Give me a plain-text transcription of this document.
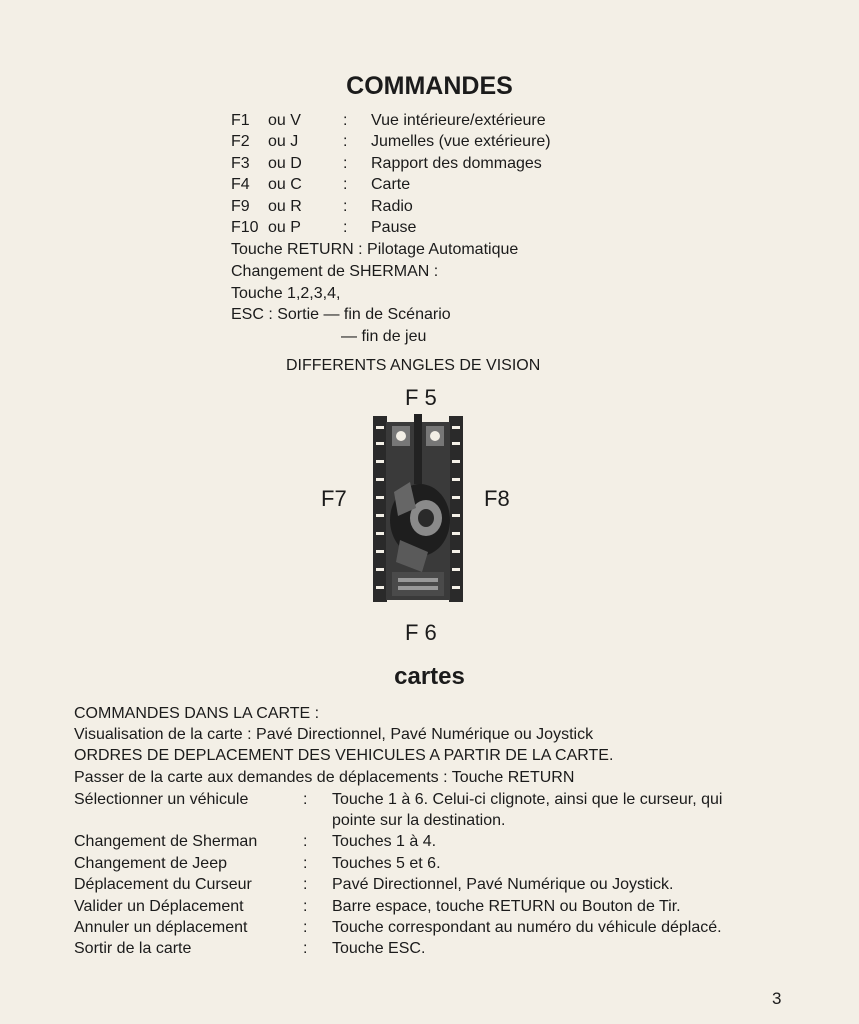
COMMANDES
F1 ou V	: Vue intérieure/extérieure
F2 ou J	: Jumelles (vue extérieure)
F3 ou D	: Rapport des dommages
F4 ou C	: Carte
F9 ou R	: Radio
F10 ou P	: Pause
Touche RETURN : Pilotage Automatique
Changement de SHERMAN :
Touche 1,2,3,4,
ESC : Sortie — fin de Scénario
— fin de jeu
DIFFERENTS ANGLES DE VISION
F 5
F7	F8
F 6
cartes
COMMANDES DANS LA CARTE :
Visualisation de la carte : Pavé Directionnel, Pavé Numérique ou Joystick
ORDRES DE DEPLACEMENT DES VEHICULES A PARTIR DE LA CARTE.
Passer de la carte aux demandes de déplacements : Touche RETURN
Sélectionner un véhicule	: Touche 1 à 6. Celui-ci clignote, ainsi que le curseur, qui
pointe sur la destination.
Changement de Sherman	: Touches 1 à 4.
Changement de Jeep	: Touches 5 et 6.
Déplacement du Curseur	: Pavé Directionnel, Pavé Numérique ou Joystick.
Valider un Déplacement	: Barre espace, touche RETURN ou Bouton de Tir.
Annuler un déplacement	: Touche correspondant au numéro du véhicule déplacé.
Sortir de la carte	: Touche ESC.
3
